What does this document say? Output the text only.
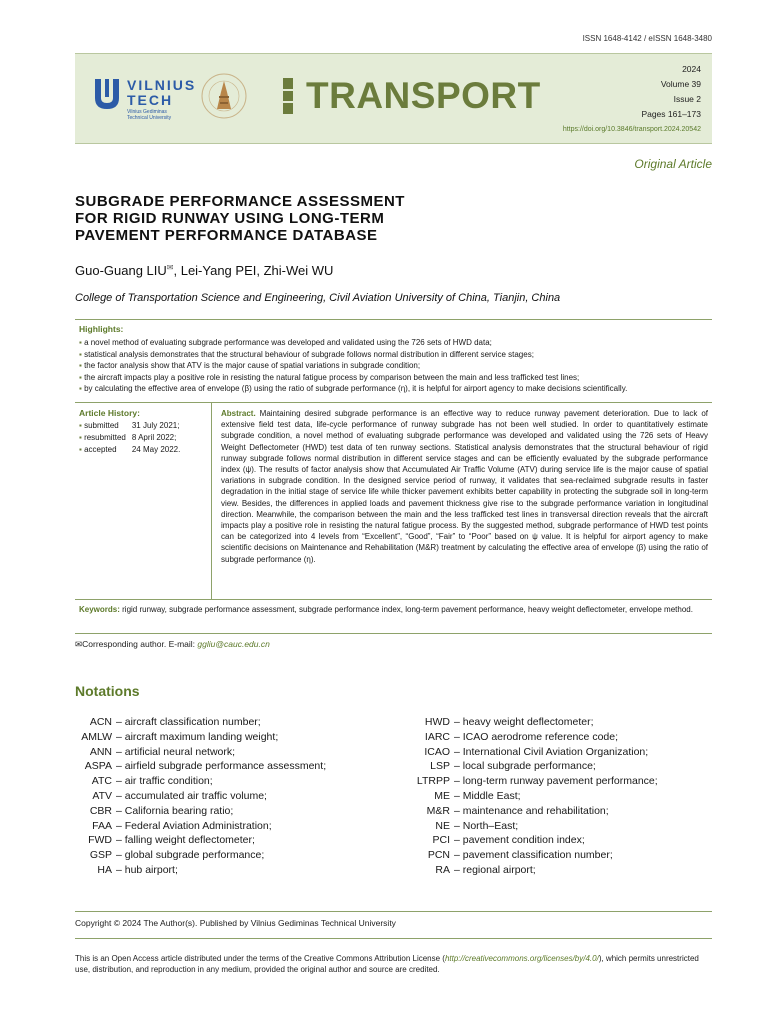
ISSN 1648-4142 / eISSN 1648-3480
VILNIUS
TECH
Vilnius Gediminas
Technical University
TRANSPORT
2024
Volume 39
Issue 2
Pages 161–173
https://doi.org/10.3846/transport.2024.20542
Original Article
SUBGRADE PERFORMANCE ASSESSMENT
FOR RIGID RUNWAY USING LONG-TERM
PAVEMENT PERFORMANCE DATABASE
Guo-Guang LIU✉, Lei-Yang PEI, Zhi-Wei WU
College of Transportation Science and Engineering, Civil Aviation University of China, Tianjin, China
Highlights:
▪ a novel method of evaluating subgrade performance was developed and validated using the 726 sets of HWD data;
▪ statistical analysis demonstrates that the structural behaviour of subgrade follows normal distribution in different service stages;
▪ the factor analysis show that ATV is the major cause of spatial variations in subgrade condition;
▪ the aircraft impacts play a positive role in resisting the natural fatigue process by comparison between the main and less trafficked test lines;
▪ by calculating the effective area of envelope (β) using the ratio of subgrade performance (η), it is helpful for airport agency to make decisions scientifically.
Article History:
▪ submitted	31 July 2021;
▪ resubmitted	8 April 2022;
▪ accepted	24 May 2022.
Abstract. Maintaining desired subgrade performance is an effective way to reduce runway pavement deterioration. Due to lack of extensive field test data, life-cycle performance of runway subgrade has not been well studied. In order to quantitatively estimate subgrade condition, a novel method of evaluating subgrade performance was developed and validated using the 726 sets of Heavy Weight Deflectometer (HWD) test data of ten runway sections. Statistical analysis demonstrates that the structural behaviour of rigid runway subgrade follows normal distribution in different service stages and can be efficiently evaluated by the subgrade performance index (ψ). The results of factor analysis show that Accumulated Air Traffic Volume (ATV) during service life is the major cause of spatial variations in subgrade condition. In the designed service period of runway, it validates that sea-reclaimed subgrade results in faster degradation in the initial stage of service life while thicker pavement exhibits better capability in protecting the subgrade soil in long-term view. Besides, the differences in applied loads and pavement thickness give rise to the subgrade performance variation in longitudinal direction. Meanwhile, the comparison between the main and the less trafficked test lines in transversal direction reveals that the aircraft impacts play a positive role in resisting the natural fatigue process. By the suggested method, subgrade performance of HWD test points can be categorized into 4 levels from “Excellent”, “Good”, “Fair” to “Poor” based on ψ value. It is helpful for airport agency to make scientific decisions on Maintenance and Rehabilitation (M&R) treatment by calculating the effective area of envelope (β) using the ratio of subgrade performance (η).
Keywords: rigid runway, subgrade performance assessment, subgrade performance index, long-term pavement performance, heavy weight deflectometer, envelope method.
✉Corresponding author. E-mail: ggliu@cauc.edu.cn
Notations
ACN – aircraft classification number;
AMLW – aircraft maximum landing weight;
ANN – artificial neural network;
ASPA – airfield subgrade performance assessment;
ATC – air traffic condition;
ATV – accumulated air traffic volume;
CBR – California bearing ratio;
FAA – Federal Aviation Administration;
FWD – falling weight deflectometer;
GSP – global subgrade performance;
HA – hub airport;
HWD – heavy weight deflectometer;
IARC – ICAO aerodrome reference code;
ICAO – International Civil Aviation Organization;
LSP – local subgrade performance;
LTRPP – long-term runway pavement performance;
ME – Middle East;
M&R – maintenance and rehabilitation;
NE – North–East;
PCI – pavement condition index;
PCN – pavement classification number;
RA – regional airport;
Copyright © 2024 The Author(s). Published by Vilnius Gediminas Technical University
This is an Open Access article distributed under the terms of the Creative Commons Attribution License (http://creativecommons.org/licenses/by/4.0/), which permits unrestricted use, distribution, and reproduction in any medium, provided the original author and source are credited.
